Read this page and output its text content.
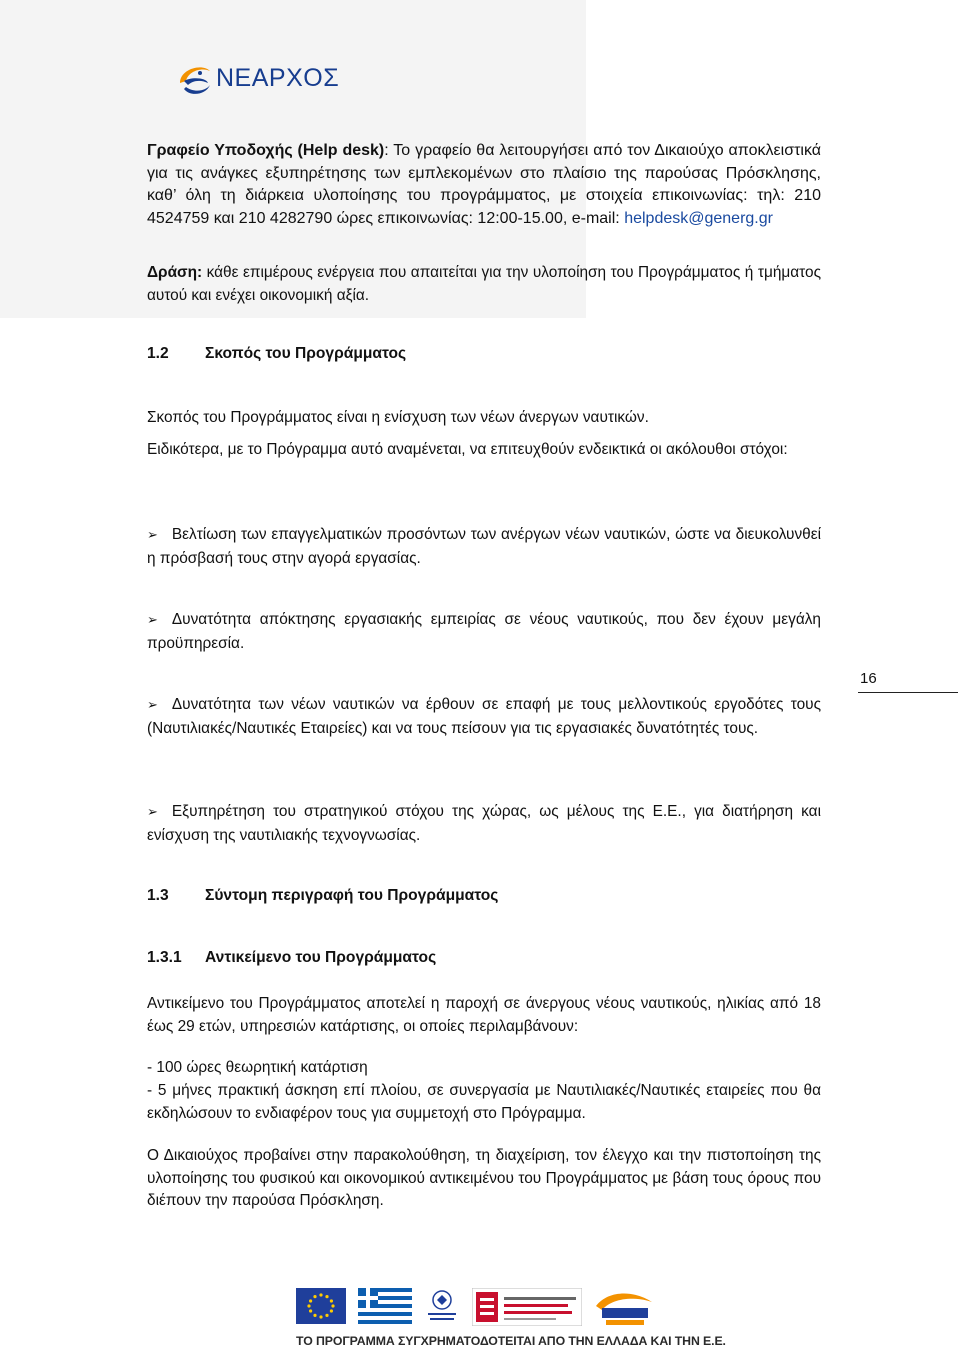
ΝΕΑΡΧΟΣ

Γραφείο Υποδοχής (Help desk): Το γραφείο θα λειτουργήσει από τον Δικαιούχο αποκλειστικά για τις ανάγκες εξυπηρέτησης των εμπλεκομένων στο πλαίσιο της παρούσας Πρόσκλησης, καθ’ όλη τη διάρκεια υλοποίησης του προγράμματος, με στοιχεία επικοινωνίας: τηλ: 210 4524759 και 210 4282790 ώρες επικοινωνίας: 12:00-15.00, e-mail: helpdesk@generg.gr

Δράση: κάθε επιμέρους ενέργεια που απαιτείται για την υλοποίηση του Προγράμματος ή τμήματος αυτού και ενέχει οικονομική αξία.

1.2 Σκοπός του Προγράμματος

Σκοπός του Προγράμματος είναι η ενίσχυση των νέων άνεργων ναυτικών.

Ειδικότερα, με το Πρόγραμμα αυτό αναμένεται, να επιτευχθούν ενδεικτικά οι ακόλουθοι στόχοι:

➢ Βελτίωση των επαγγελματικών προσόντων των ανέργων νέων ναυτικών, ώστε να διευκολυνθεί η πρόσβασή τους στην αγορά εργασίας.

➢ Δυνατότητα απόκτησης εργασιακής εμπειρίας σε νέους ναυτικούς, που δεν έχουν μεγάλη προϋπηρεσία.

➢ Δυνατότητα των νέων ναυτικών να έρθουν σε επαφή με τους μελλοντικούς εργοδότες τους (Ναυτιλιακές/Ναυτικές Εταιρείες) και να τους πείσουν για τις εργασιακές δυνατότητές τους.

➢ Εξυπηρέτηση του στρατηγικού στόχου της χώρας, ως μέλους της Ε.Ε., για διατήρηση και ενίσχυση της ναυτιλιακής τεχνογνωσίας.

1.3 Σύντομη περιγραφή του Προγράμματος

1.3.1 Αντικείμενο του Προγράμματος

Αντικείμενο του Προγράμματος αποτελεί η παροχή σε άνεργους νέους ναυτικούς, ηλικίας από 18 έως 29 ετών, υπηρεσιών κατάρτισης, οι οποίες περιλαμβάνουν:

- 100 ώρες θεωρητική κατάρτιση

- 5 μήνες πρακτική άσκηση επί πλοίου, σε συνεργασία με Ναυτιλιακές/Ναυτικές εταιρείες που θα εκδηλώσουν το ενδιαφέρον τους για συμμετοχή στο Πρόγραμμα.

Ο Δικαιούχος προβαίνει στην παρακολούθηση, τη διαχείριση, τον έλεγχο και την πιστοποίηση της υλοποίησης του φυσικού και οικονομικού αντικειμένου του Προγράμματος με βάση τους όρους που διέπουν την παρούσα Πρόσκληση.

16
ΤΟ ΠΡΟΓΡΑΜΜΑ ΣΥΓΧΡΗΜΑΤΟΔΟΤΕΙΤΑΙ ΑΠΟ ΤΗΝ ΕΛΛΑΔΑ ΚΑΙ ΤΗΝ Ε.Ε.
